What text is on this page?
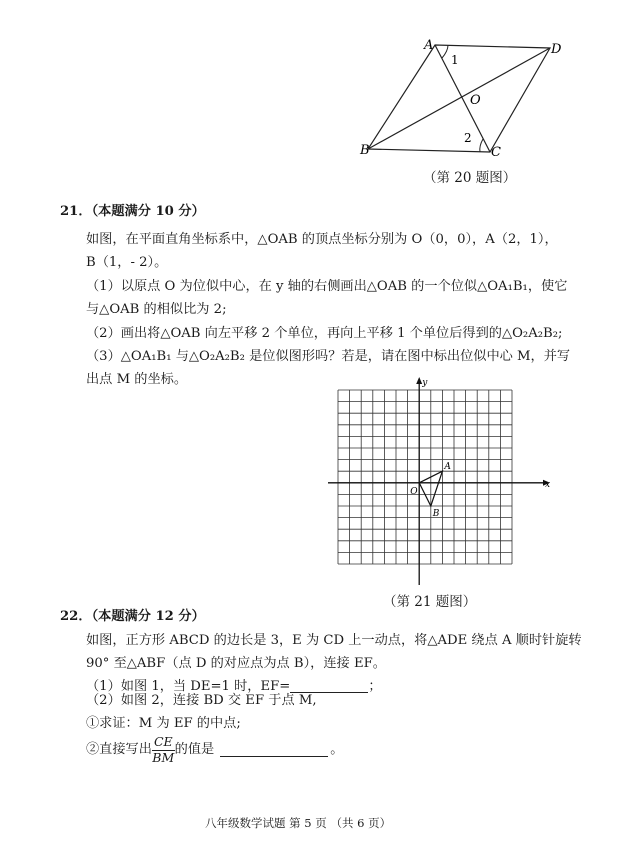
A	D
B	C
O
1
2
（第 20 题图）
21．（本题满分 10 分）
如图，在平面直角坐标系中，△OAB 的顶点坐标分别为 O（0，0），A（2，1），
B（1，- 2）。
（1）以原点 O 为位似中心，在 y 轴的右侧画出△OAB 的一个位似△OA₁B₁，使它
与△OAB 的相似比为 2;
（2）画出将△OAB 向左平移 2 个单位，再向上平移 1 个单位后得到的△O₂A₂B₂;
（3）△OA₁B₁ 与△O₂A₂B₂ 是位似图形吗？若是，请在图中标出位似中心 M，并写
出点 M 的坐标。
x
y
O
A
B
（第 21 题图）
22．（本题满分 12 分）
如图，正方形 ABCD 的边长是 3，E 为 CD 上一动点，将△ADE 绕点 A 顺时针旋转
90° 至△ABF（点 D 的对应点为点 B），连接 EF。
（1）如图 1，当 DE=1 时，EF=	；
（2）如图 2，连接 BD 交 EF 于点 M,
①求证：M 为 EF 的中点;
②直接写出 $\frac{CE}{BM}$ 的值是	。
八年级数学试题 第 5 页 （共 6 页）
